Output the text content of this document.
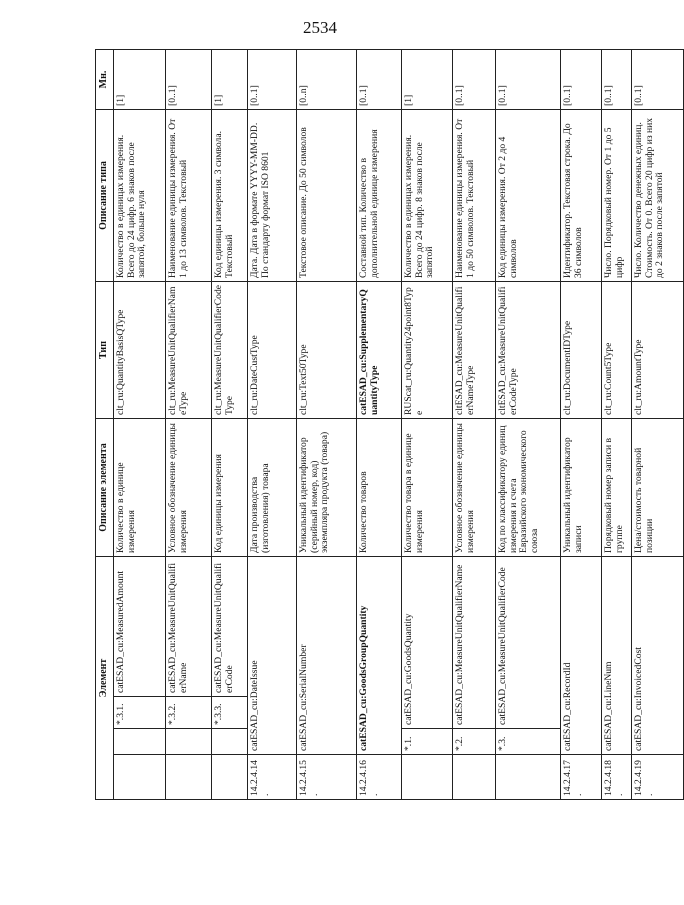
2534
Элемент				Описание элемента	Тип	Описание типа	Мн.
		*.3.1.	catESAD_cu:MeasuredAmount	Количество в единице измерения	clt_ru:QuantityBasisQType	Количество в единицах измерения. Всего до 24 цифр. 6 знаков после запятой, больше нуля	[1]
		*.3.2.	catESAD_cu:MeasureUnitQualifierName	Условное обозначение единицы измерения	clt_ru:MeasureUnitQualifierNameType	Наименование единицы измерения. От 1 до 13 символов. Текстовый	[0..1]
		*.3.3.	catESAD_cu:MeasureUnitQualifierCode	Код единицы измерения	clt_ru:MeasureUnitQualifierCodeType	Код единицы измерения. 3 символа. Текстовый	[1]
14.2.4.14.	catESAD_cu:DateIssue			Дата производства (изготовления) товара	clt_ru:DateCustType	Дата. Дата в формате YYYY-MM-DD. По стандарту формат ISO 8601	[0..1]
14.2.4.15.	catESAD_cu:SerialNumber			Уникальный идентификатор (серийный номер, код) экземпляра продукта (товара)	clt_ru:Text50Type	Текстовое описание. До 50 символов	[0..n]
14.2.4.16.	catESAD_cu:GoodsGroupQuantity			Количество товаров	catESAD_cu:SupplementaryQuantityType	Составной тип. Количество в дополнительной единице измерения	[0..1]
	*.1.	catESAD_cu:GoodsQuantity		Количество товара в единице измерения	RUScat_ru:Quantity24point8Type	Количество в единицах измерения. Всего до 24 цифр. 8 знаков после запятой	[1]
	*.2.	catESAD_cu:MeasureUnitQualifierName		Условное обозначение единицы измерения	cltESAD_cu:MeasureUnitQualifierNameType	Наименование единицы измерения. От 1 до 50 символов. Текстовый	[0..1]
	*.3.	catESAD_cu:MeasureUnitQualifierCode		Код по классификатору единиц измерения и счета Евразийского экономического союза	cltESAD_cu:MeasureUnitQualifierCodeType	Код единицы измерения. От 2 до 4 символов	[0..1]
14.2.4.17.	catESAD_cu:RecordId			Уникальный идентификатор записи	clt_ru:DocumentIDType	Идентификатор. Текстовая строка. До 36 символов	[0..1]
14.2.4.18.	catESAD_cu:LineNum			Порядковый номер записи в группе	clt_ru:Count5Type	Число. Порядковый номер. От 1 до 5 цифр	[0..1]
14.2.4.19.	catESAD_cu:InvoicedCost			Цена/стоимость товарной позиции	clt_ru:AmountType	Число. Количество денежных единиц. Стоимость. От 0. Всего 20 цифр из них до 2 знаков после запятой	[0..1]
